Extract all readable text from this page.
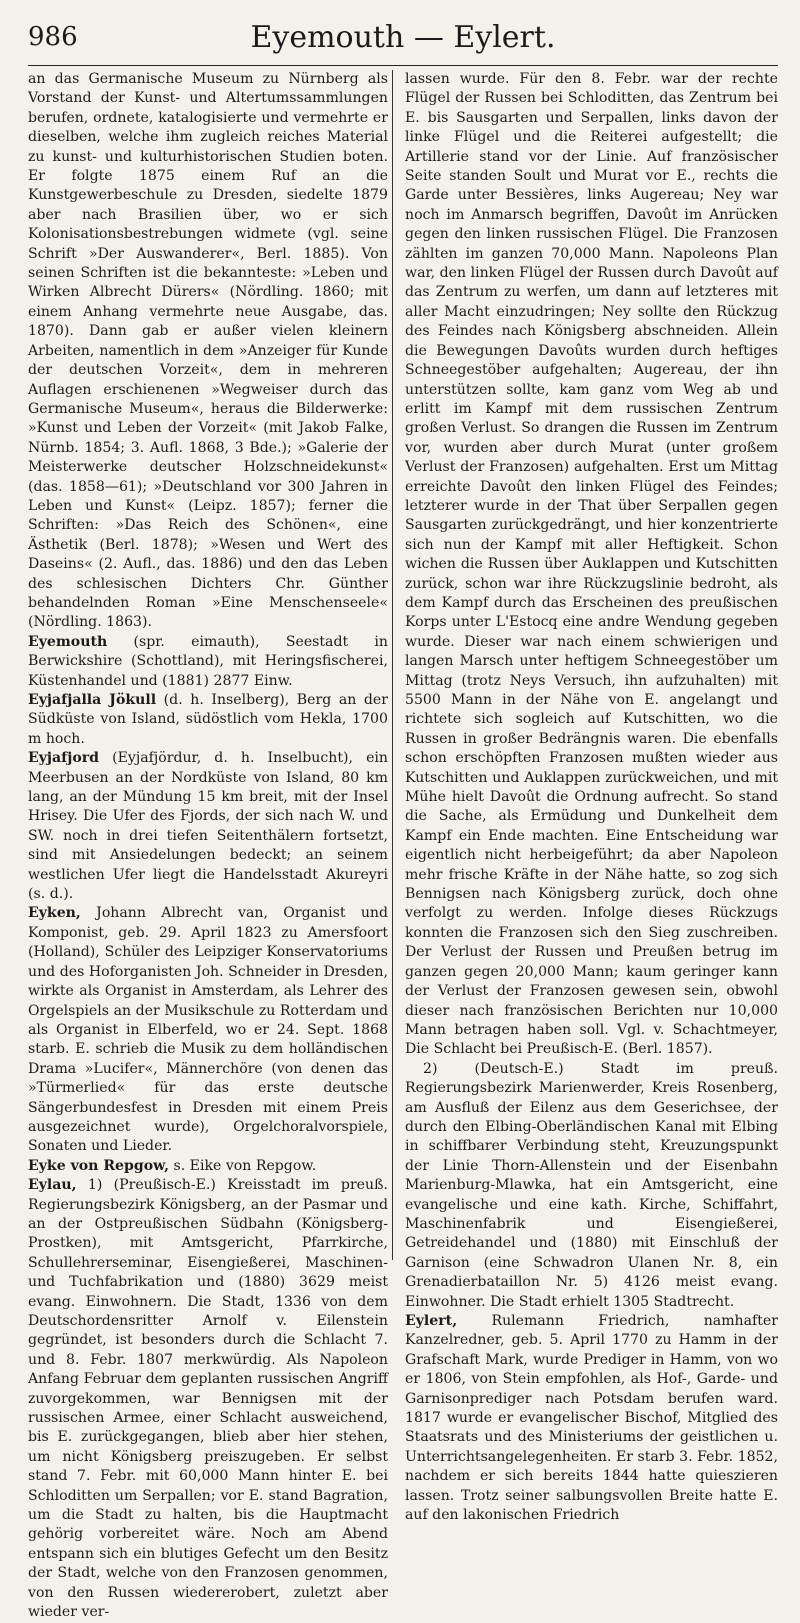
986	Eyemouth — Eylert.

an das Germanische Museum zu Nürnberg als Vorstand der Kunst- und Altertumssammlungen berufen, ordnete, katalogisierte und vermehrte er dieselben, welche ihm zugleich reiches Material zu kunst- und kulturhistorischen Studien boten. Er folgte 1875 einem Ruf an die Kunstgewerbeschule zu Dresden, siedelte 1879 aber nach Brasilien über, wo er sich Kolonisationsbestrebungen widmete (vgl. seine Schrift »Der Auswanderer«, Berl. 1885). Von seinen Schriften ist die bekannteste: »Leben und Wirken Albrecht Dürers« (Nördling. 1860; mit einem Anhang vermehrte neue Ausgabe, das. 1870). Dann gab er außer vielen kleinern Arbeiten, namentlich in dem »Anzeiger für Kunde der deutschen Vorzeit«, dem in mehreren Auflagen erschienenen »Wegweiser durch das Germanische Museum«, heraus die Bilderwerke: »Kunst und Leben der Vorzeit« (mit Jakob Falke, Nürnb. 1854; 3. Aufl. 1868, 3 Bde.); »Galerie der Meisterwerke deutscher Holzschneidekunst« (das. 1858—61); »Deutschland vor 300 Jahren in Leben und Kunst« (Leipz. 1857); ferner die Schriften: »Das Reich des Schönen«, eine Ästhetik (Berl. 1878); »Wesen und Wert des Daseins« (2. Aufl., das. 1886) und den das Leben des schlesischen Dichters Chr. Günther behandelnden Roman »Eine Menschenseele« (Nördling. 1863).

Eyemouth (spr. eimauth), Seestadt in Berwickshire (Schottland), mit Heringsfischerei, Küstenhandel und (1881) 2877 Einw.

Eyjafjalla Jökull (d. h. Inselberg), Berg an der Südküste von Island, südöstlich vom Hekla, 1700 m hoch.

Eyjafjord (Eyjafjördur, d. h. Inselbucht), ein Meerbusen an der Nordküste von Island, 80 km lang, an der Mündung 15 km breit, mit der Insel Hrisey. Die Ufer des Fjords, der sich nach W. und SW. noch in drei tiefen Seitenthälern fortsetzt, sind mit Ansiedelungen bedeckt; an seinem westlichen Ufer liegt die Handelsstadt Akureyri (s. d.).

Eyken, Johann Albrecht van, Organist und Komponist, geb. 29. April 1823 zu Amersfoort (Holland), Schüler des Leipziger Konservatoriums und des Hoforganisten Joh. Schneider in Dresden, wirkte als Organist in Amsterdam, als Lehrer des Orgelspiels an der Musikschule zu Rotterdam und als Organist in Elberfeld, wo er 24. Sept. 1868 starb. E. schrieb die Musik zu dem holländischen Drama »Lucifer«, Männerchöre (von denen das »Türmerlied« für das erste deutsche Sängerbundesfest in Dresden mit einem Preis ausgezeichnet wurde), Orgelchoralvorspiele, Sonaten und Lieder.

Eyke von Repgow, s. Eike von Repgow.

Eylau, 1) (Preußisch-E.) Kreisstadt im preuß. Regierungsbezirk Königsberg, an der Pasmar und an der Ostpreußischen Südbahn (Königsberg-Prostken), mit Amtsgericht, Pfarrkirche, Schullehrerseminar, Eisengießerei, Maschinen- und Tuchfabrikation und (1880) 3629 meist evang. Einwohnern. Die Stadt, 1336 von dem Deutschordensritter Arnolf v. Eilenstein gegründet, ist besonders durch die Schlacht 7. und 8. Febr. 1807 merkwürdig. Als Napoleon Anfang Februar dem geplanten russischen Angriff zuvorgekommen, war Bennigsen mit der russischen Armee, einer Schlacht ausweichend, bis E. zurückgegangen, blieb aber hier stehen, um nicht Königsberg preiszugeben. Er selbst stand 7. Febr. mit 60,000 Mann hinter E. bei Schloditten um Serpallen; vor E. stand Bagration, um die Stadt zu halten, bis die Hauptmacht gehörig vorbereitet wäre. Noch am Abend entspann sich ein blutiges Gefecht um den Besitz der Stadt, welche von den Franzosen genommen, von den Russen wiedererobert, zuletzt aber wieder ver-

lassen wurde. Für den 8. Febr. war der rechte Flügel der Russen bei Schloditten, das Zentrum bei E. bis Sausgarten und Serpallen, links davon der linke Flügel und die Reiterei aufgestellt; die Artillerie stand vor der Linie. Auf französischer Seite standen Soult und Murat vor E., rechts die Garde unter Bessières, links Augereau; Ney war noch im Anmarsch begriffen, Davoût im Anrücken gegen den linken russischen Flügel. Die Franzosen zählten im ganzen 70,000 Mann. Napoleons Plan war, den linken Flügel der Russen durch Davoût auf das Zentrum zu werfen, um dann auf letzteres mit aller Macht einzudringen; Ney sollte den Rückzug des Feindes nach Königsberg abschneiden. Allein die Bewegungen Davoûts wurden durch heftiges Schneegestöber aufgehalten; Augereau, der ihn unterstützen sollte, kam ganz vom Weg ab und erlitt im Kampf mit dem russischen Zentrum großen Verlust. So drangen die Russen im Zentrum vor, wurden aber durch Murat (unter großem Verlust der Franzosen) aufgehalten. Erst um Mittag erreichte Davoût den linken Flügel des Feindes; letzterer wurde in der That über Serpallen gegen Sausgarten zurückgedrängt, und hier konzentrierte sich nun der Kampf mit aller Heftigkeit. Schon wichen die Russen über Auklappen und Kutschitten zurück, schon war ihre Rückzugslinie bedroht, als dem Kampf durch das Erscheinen des preußischen Korps unter L'Estocq eine andre Wendung gegeben wurde. Dieser war nach einem schwierigen und langen Marsch unter heftigem Schneegestöber um Mittag (trotz Neys Versuch, ihn aufzuhalten) mit 5500 Mann in der Nähe von E. angelangt und richtete sich sogleich auf Kutschitten, wo die Russen in großer Bedrängnis waren. Die ebenfalls schon erschöpften Franzosen mußten wieder aus Kutschitten und Auklappen zurückweichen, und mit Mühe hielt Davoût die Ordnung aufrecht. So stand die Sache, als Ermüdung und Dunkelheit dem Kampf ein Ende machten. Eine Entscheidung war eigentlich nicht herbeigeführt; da aber Napoleon mehr frische Kräfte in der Nähe hatte, so zog sich Bennigsen nach Königsberg zurück, doch ohne verfolgt zu werden. Infolge dieses Rückzugs konnten die Franzosen sich den Sieg zuschreiben. Der Verlust der Russen und Preußen betrug im ganzen gegen 20,000 Mann; kaum geringer kann der Verlust der Franzosen gewesen sein, obwohl dieser nach französischen Berichten nur 10,000 Mann betragen haben soll. Vgl. v. Schachtmeyer, Die Schlacht bei Preußisch-E. (Berl. 1857).

2) (Deutsch-E.) Stadt im preuß. Regierungsbezirk Marienwerder, Kreis Rosenberg, am Ausfluß der Eilenz aus dem Geserichsee, der durch den Elbing-Oberländischen Kanal mit Elbing in schiffbarer Verbindung steht, Kreuzungspunkt der Linie Thorn-Allenstein und der Eisenbahn Marienburg-Mlawka, hat ein Amtsgericht, eine evangelische und eine kath. Kirche, Schiffahrt, Maschinenfabrik und Eisengießerei, Getreidehandel und (1880) mit Einschluß der Garnison (eine Schwadron Ulanen Nr. 8, ein Grenadierbataillon Nr. 5) 4126 meist evang. Einwohner. Die Stadt erhielt 1305 Stadtrecht.

Eylert, Rulemann Friedrich, namhafter Kanzelredner, geb. 5. April 1770 zu Hamm in der Grafschaft Mark, wurde Prediger in Hamm, von wo er 1806, von Stein empfohlen, als Hof-, Garde- und Garnisonprediger nach Potsdam berufen ward. 1817 wurde er evangelischer Bischof, Mitglied des Staatsrats und des Ministeriums der geistlichen u. Unterrichtsangelegenheiten. Er starb 3. Febr. 1852, nachdem er sich bereits 1844 hatte quieszieren lassen. Trotz seiner salbungsvollen Breite hatte E. auf den lakonischen Friedrich
